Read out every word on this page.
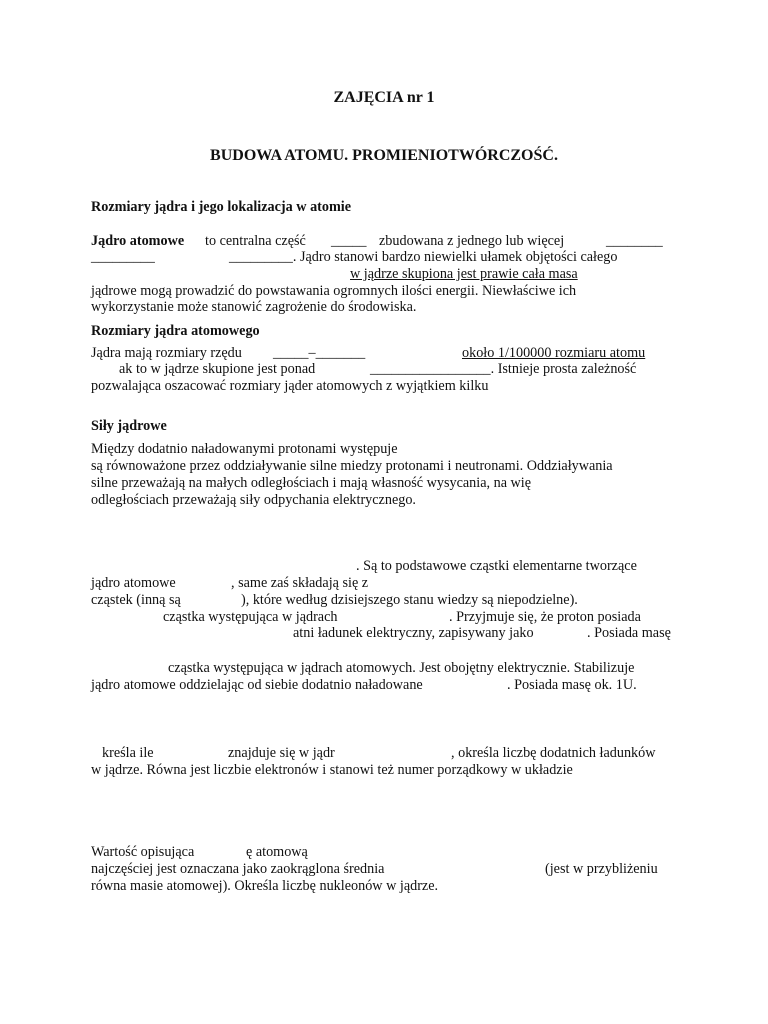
ZAJĘCIA nr 1
BUDOWA ATOMU. PROMIENIOTWÓRCZOŚĆ.
Rozmiary jądra i jego lokalizacja w atomie
Jądro atomowe to centralna część _____ zbudowana z jednego lub więcej	________
_________	_________. Jądro stanowi bardzo niewielki ułamek objętości całego
w jądrze skupiona jest prawie cała masa
jądrowe mogą prowadzić do powstawania ogromnych ilości energii. Niewłaściwe ich
wykorzystanie może stanowić zagrożenie do środowiska.
Rozmiary jądra atomowego
Jądra mają rozmiary rzędu _____–_______	około 1/100000 rozmiaru atomu
ak to w jądrze skupione jest ponad	_________________. Istnieje prosta zależność
pozwalająca oszacować rozmiary jąder atomowych z wyjątkiem kilku
Siły jądrowe
Między dodatnio naładowanymi protonami występuje
są równoważone przez oddziaływanie silne miedzy protonami i neutronami. Oddziaływania
silne przeważają na małych odległościach i mają własność wysycania, na wię
odległościach przeważają siły odpychania elektrycznego.
. Są to podstawowe cząstki elementarne tworzące
jądro atomowe	, same zaś składają się z
cząstek (inną są	), które według dzisiejszego stanu wiedzy są niepodzielne).
cząstka występująca w jądrach	. Przyjmuje się, że proton posiada
atni ładunek elektryczny, zapisywany jako	. Posiada masę
cząstka występująca w jądrach atomowych. Jest obojętny elektrycznie. Stabilizuje
jądro atomowe oddzielając od siebie dodatnio naładowane	. Posiada masę ok. 1U.
kreśla ile	znajduje się w jądr	, określa liczbę dodatnich ładunków
w jądrze. Równa jest liczbie elektronów i stanowi też numer porządkowy w układzie
Wartość opisująca	ę atomową
najczęściej jest oznaczana jako zaokrąglona średnia	(jest w przybliżeniu
równa masie atomowej). Określa liczbę nukleonów w jądrze.
